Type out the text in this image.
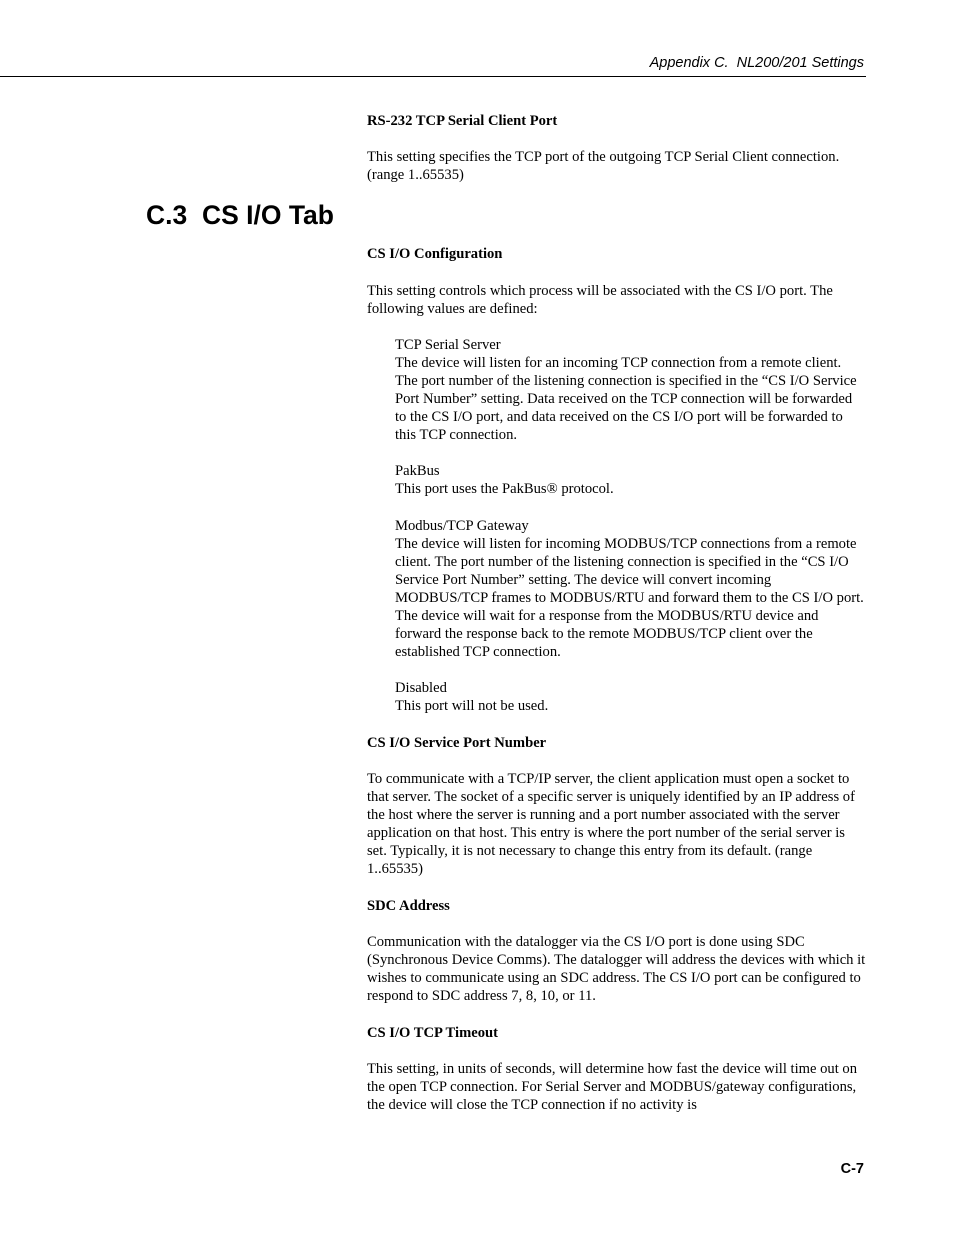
Appendix C.  NL200/201 Settings

RS-232 TCP Serial Client Port

This setting specifies the TCP port of the outgoing TCP Serial Client connection. (range 1..65535)

C.3  CS I/O Tab

CS I/O Configuration

This setting controls which process will be associated with the CS I/O port. The following values are defined:

TCP Serial Server

The device will listen for an incoming TCP connection from a remote client. The port number of the listening connection is specified in the “CS I/O Service Port Number” setting. Data received on the TCP connection will be forwarded to the CS I/O port, and data received on the CS I/O port will be forwarded to this TCP connection.

PakBus

This port uses the PakBus® protocol.

Modbus/TCP Gateway

The device will listen for incoming MODBUS/TCP connections from a remote client. The port number of the listening connection is specified in the “CS I/O Service Port Number” setting. The device will convert incoming MODBUS/TCP frames to MODBUS/RTU and forward them to the CS I/O port. The device will wait for a response from the MODBUS/RTU device and forward the response back to the remote MODBUS/TCP client over the established TCP connection.

Disabled

This port will not be used.

CS I/O Service Port Number

To communicate with a TCP/IP server, the client application must open a socket to that server. The socket of a specific server is uniquely identified by an IP address of the host where the server is running and a port number associated with the server application on that host. This entry is where the port number of the serial server is set. Typically, it is not necessary to change this entry from its default. (range 1..65535)

SDC Address

Communication with the datalogger via the CS I/O port is done using SDC (Synchronous Device Comms). The datalogger will address the devices with which it wishes to communicate using an SDC address. The CS I/O port can be configured to respond to SDC address 7, 8, 10, or 11.

CS I/O TCP Timeout

This setting, in units of seconds, will determine how fast the device will time out on the open TCP connection. For Serial Server and MODBUS/gateway configurations, the device will close the TCP connection if no activity is

C-7
